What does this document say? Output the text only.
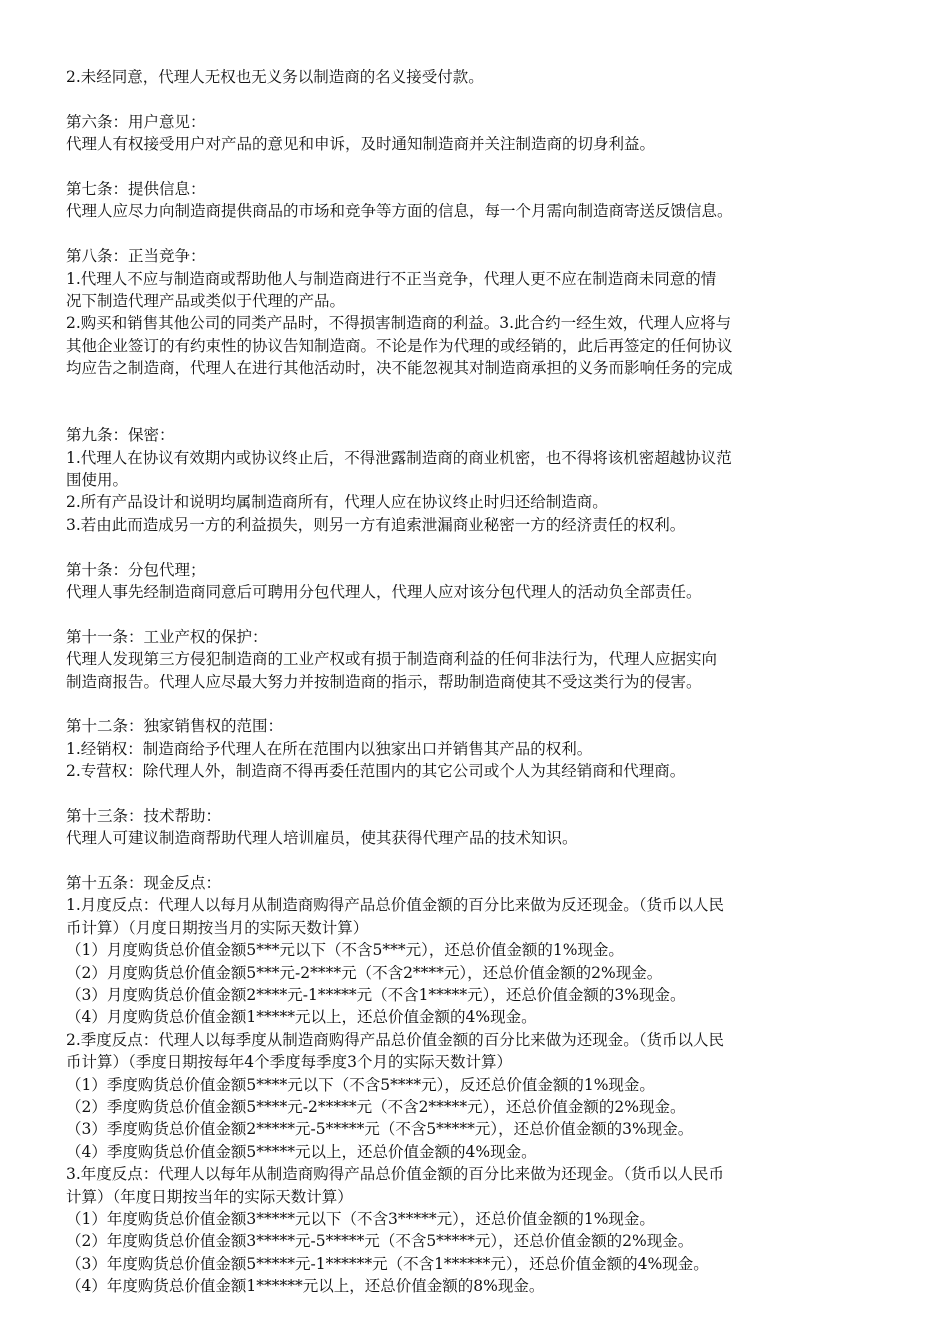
2.未经同意，代理人无权也无义务以制造商的名义接受付款。
第六条：用户意见：
代理人有权接受用户对产品的意见和申诉，及时通知制造商并关注制造商的切身利益。
第七条：提供信息：
代理人应尽力向制造商提供商品的市场和竞争等方面的信息，每一个月需向制造商寄送反馈信息。
第八条：正当竞争：
1.代理人不应与制造商或帮助他人与制造商进行不正当竞争，代理人更不应在制造商未同意的情
况下制造代理产品或类似于代理的产品。
2.购买和销售其他公司的同类产品时，不得损害制造商的利益。3.此合约一经生效，代理人应将与
其他企业签订的有约束性的协议告知制造商。不论是作为代理的或经销的，此后再签定的任何协议
均应告之制造商，代理人在进行其他活动时，决不能忽视其对制造商承担的义务而影响任务的完成
第九条：保密：
1.代理人在协议有效期内或协议终止后，不得泄露制造商的商业机密，也不得将该机密超越协议范
围使用。
2.所有产品设计和说明均属制造商所有，代理人应在协议终止时归还给制造商。
3.若由此而造成另一方的利益损失，则另一方有追索泄漏商业秘密一方的经济责任的权利。
第十条：分包代理；
代理人事先经制造商同意后可聘用分包代理人，代理人应对该分包代理人的活动负全部责任。
第十一条：工业产权的保护：
代理人发现第三方侵犯制造商的工业产权或有损于制造商利益的任何非法行为，代理人应据实向
制造商报告。代理人应尽最大努力并按制造商的指示，帮助制造商使其不受这类行为的侵害。
第十二条：独家销售权的范围：
1.经销权：制造商给予代理人在所在范围内以独家出口并销售其产品的权利。
2.专营权：除代理人外，制造商不得再委任范围内的其它公司或个人为其经销商和代理商。
第十三条：技术帮助：
代理人可建议制造商帮助代理人培训雇员，使其获得代理产品的技术知识。
第十五条：现金反点：
1.月度反点：代理人以每月从制造商购得产品总价值金额的百分比来做为反还现金。（货币以人民
币计算）（月度日期按当月的实际天数计算）
（1）月度购货总价值金额5***元以下（不含5***元），还总价值金额的1%现金。
（2）月度购货总价值金额5***元-2****元（不含2****元），还总价值金额的2%现金。
（3）月度购货总价值金额2****元-1*****元（不含1*****元），还总价值金额的3%现金。
（4）月度购货总价值金额1*****元以上，还总价值金额的4%现金。
2.季度反点：代理人以每季度从制造商购得产品总价值金额的百分比来做为还现金。（货币以人民
币计算）（季度日期按每年4个季度每季度3个月的实际天数计算）
（1）季度购货总价值金额5****元以下（不含5****元），反还总价值金额的1%现金。
（2）季度购货总价值金额5****元-2*****元（不含2*****元），还总价值金额的2%现金。
（3）季度购货总价值金额2*****元-5*****元（不含5*****元），还总价值金额的3%现金。
（4）季度购货总价值金额5*****元以上，还总价值金额的4%现金。
3.年度反点：代理人以每年从制造商购得产品总价值金额的百分比来做为还现金。（货币以人民币
计算）（年度日期按当年的实际天数计算）
（1）年度购货总价值金额3*****元以下（不含3*****元），还总价值金额的1%现金。
（2）年度购货总价值金额3*****元-5*****元（不含5*****元），还总价值金额的2%现金。
（3）年度购货总价值金额5*****元-1******元（不含1******元），还总价值金额的4%现金。
（4）年度购货总价值金额1******元以上，还总价值金额的8%现金。
